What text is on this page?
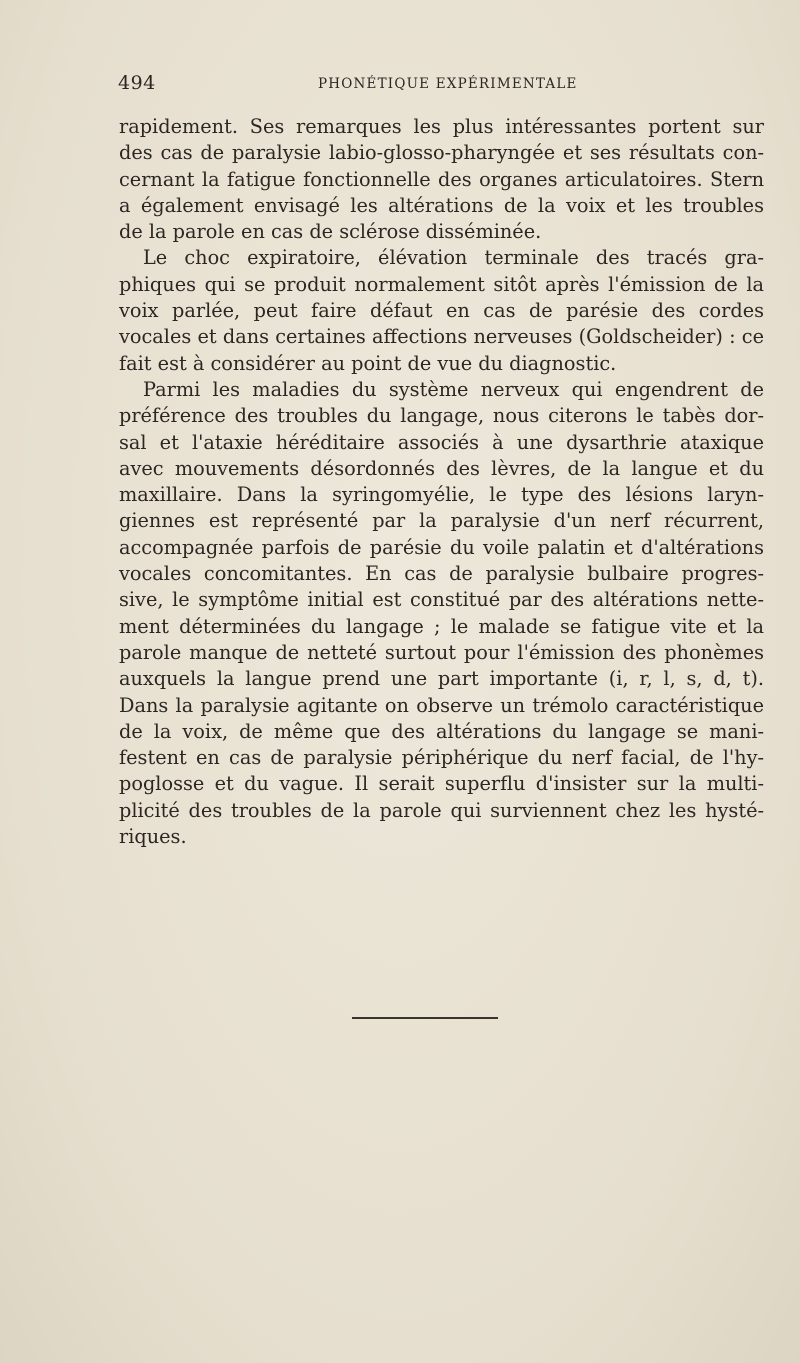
494	PHONÉTIQUE EXPÉRIMENTALE
rapidement. Ses remarques les plus intéressantes portent sur
des cas de paralysie labio-glosso-pharyngée et ses résultats con-
cernant la fatigue fonctionnelle des organes articulatoires. Stern
a également envisagé les altérations de la voix et les troubles
de la parole en cas de sclérose disséminée.
Le choc expiratoire, élévation terminale des tracés gra-
phiques qui se produit normalement sitôt après l'émission de la
voix parlée, peut faire défaut en cas de parésie des cordes
vocales et dans certaines affections nerveuses (Goldscheider) : ce
fait est à considérer au point de vue du diagnostic.
Parmi les maladies du système nerveux qui engendrent de
préférence des troubles du langage, nous citerons le tabès dor-
sal et l'ataxie héréditaire associés à une dysarthrie ataxique
avec mouvements désordonnés des lèvres, de la langue et du
maxillaire. Dans la syringomyélie, le type des lésions laryn-
giennes est représenté par la paralysie d'un nerf récurrent,
accompagnée parfois de parésie du voile palatin et d'altérations
vocales concomitantes. En cas de paralysie bulbaire progres-
sive, le symptôme initial est constitué par des altérations nette-
ment déterminées du langage ; le malade se fatigue vite et la
parole manque de netteté surtout pour l'émission des phonèmes
auxquels la langue prend une part importante (i, r, l, s, d, t).
Dans la paralysie agitante on observe un trémolo caractéristique
de la voix, de même que des altérations du langage se mani-
festent en cas de paralysie périphérique du nerf facial, de l'hy-
poglosse et du vague. Il serait superflu d'insister sur la multi-
plicité des troubles de la parole qui surviennent chez les hysté-
riques.
